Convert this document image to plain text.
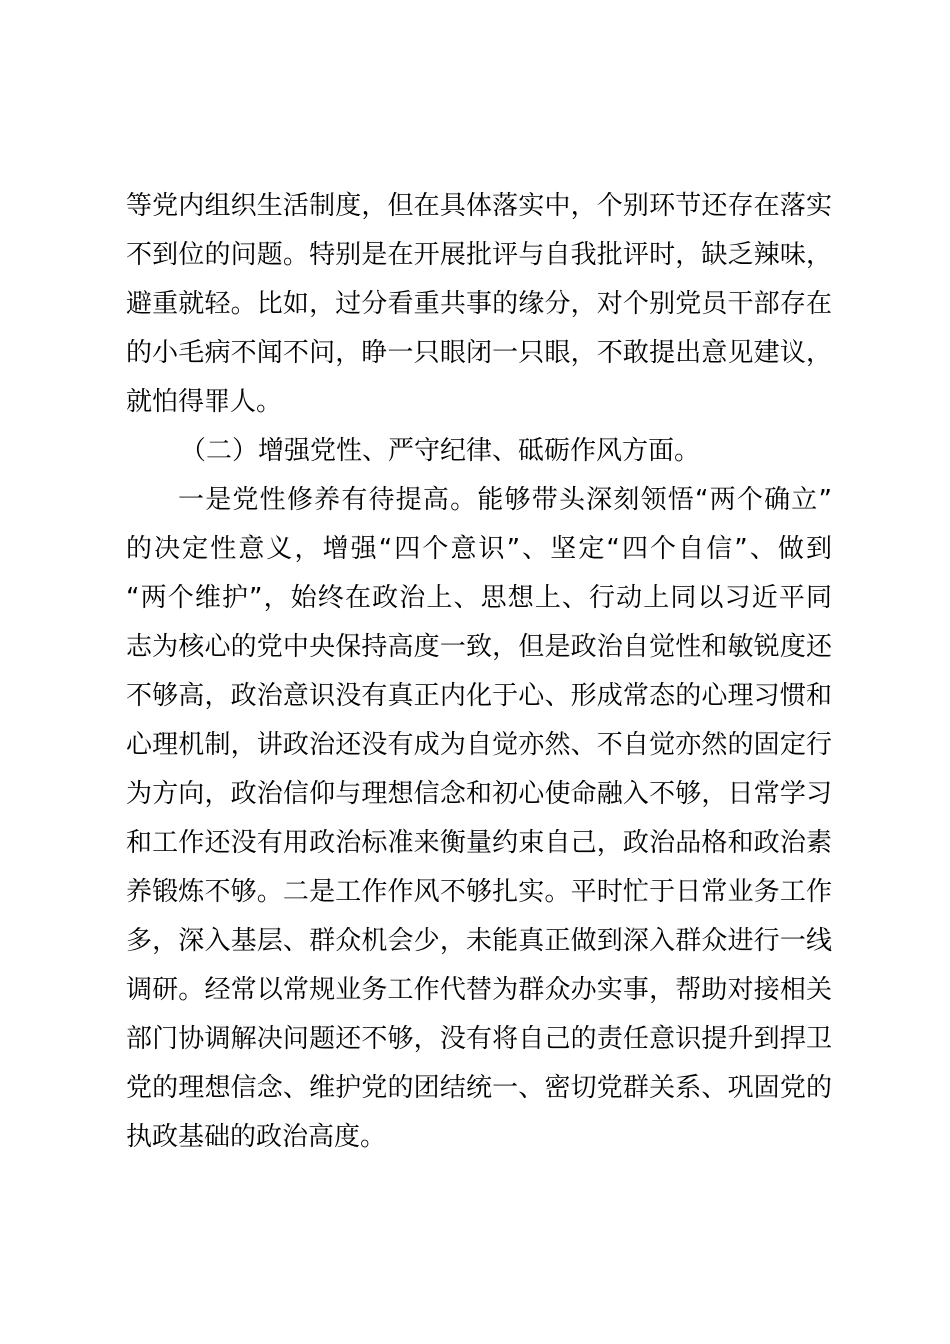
等党内组织生活制度，但在具体落实中，个别环节还存在落实
不到位的问题。特别是在开展批评与自我批评时，缺乏辣味，
避重就轻。比如，过分看重共事的缘分，对个别党员干部存在
的小毛病不闻不问，睁一只眼闭一只眼，不敢提出意见建议，
就怕得罪人。
（二）增强党性、严守纪律、砥砺作风方面。
一是党性修养有待提高。能够带头深刻领悟“两个确立”
的决定性意义，增强“四个意识”、坚定“四个自信”、做到
“两个维护”，始终在政治上、思想上、行动上同以习近平同
志为核心的党中央保持高度一致，但是政治自觉性和敏锐度还
不够高，政治意识没有真正内化于心、形成常态的心理习惯和
心理机制，讲政治还没有成为自觉亦然、不自觉亦然的固定行
为方向，政治信仰与理想信念和初心使命融入不够，日常学习
和工作还没有用政治标准来衡量约束自己，政治品格和政治素
养锻炼不够。二是工作作风不够扎实。平时忙于日常业务工作
多，深入基层、群众机会少，未能真正做到深入群众进行一线
调研。经常以常规业务工作代替为群众办实事，帮助对接相关
部门协调解决问题还不够，没有将自己的责任意识提升到捍卫
党的理想信念、维护党的团结统一、密切党群关系、巩固党的
执政基础的政治高度。
